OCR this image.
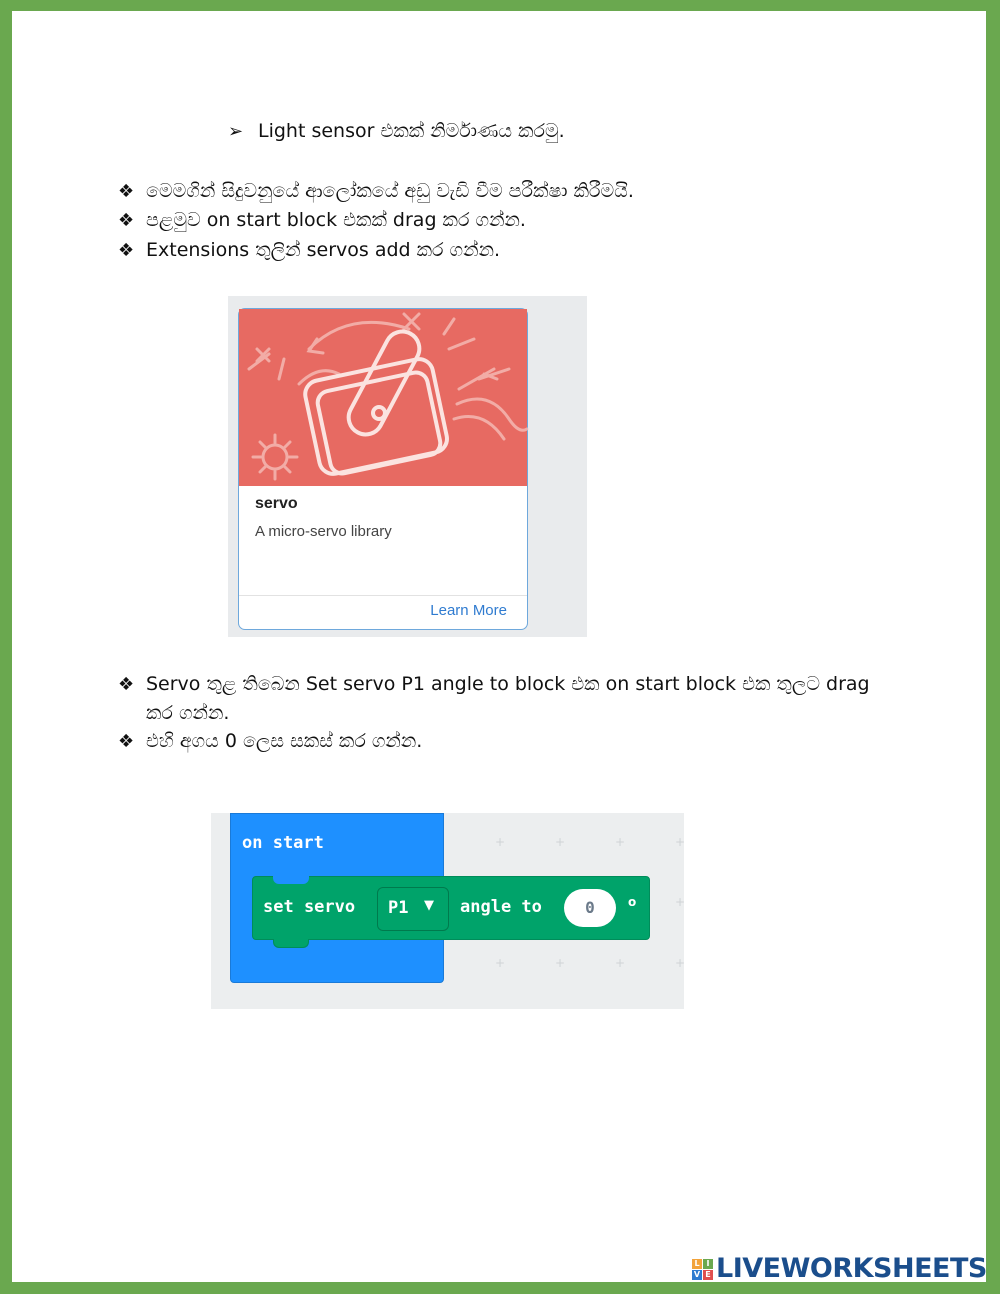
➢ Light sensor එකක් නිර්මාණය කරමු.
❖ මෙමගින් සිදුවනුයේ ආලෝකයේ අඩු වැඩි වීම පරීක්ෂා කිරීමයි.
❖ පළමුව on start block එකක් drag කර ගන්න.
❖ Extensions තුලින් servos add කර ගන්න.
servo
A micro-servo library
Learn More
❖ Servo තුළ තිබෙන Set servo P1 angle to block එක on start block එක තුලට drag
කර ගන්න.
❖ එහි අගය 0 ලෙස සකස් කර ගන්න.
+	+	+	+
+	+	+	+
+
on start
set servo P1 ▼ angle to	0	o
L I
V E LIVEWORKSHEETS
